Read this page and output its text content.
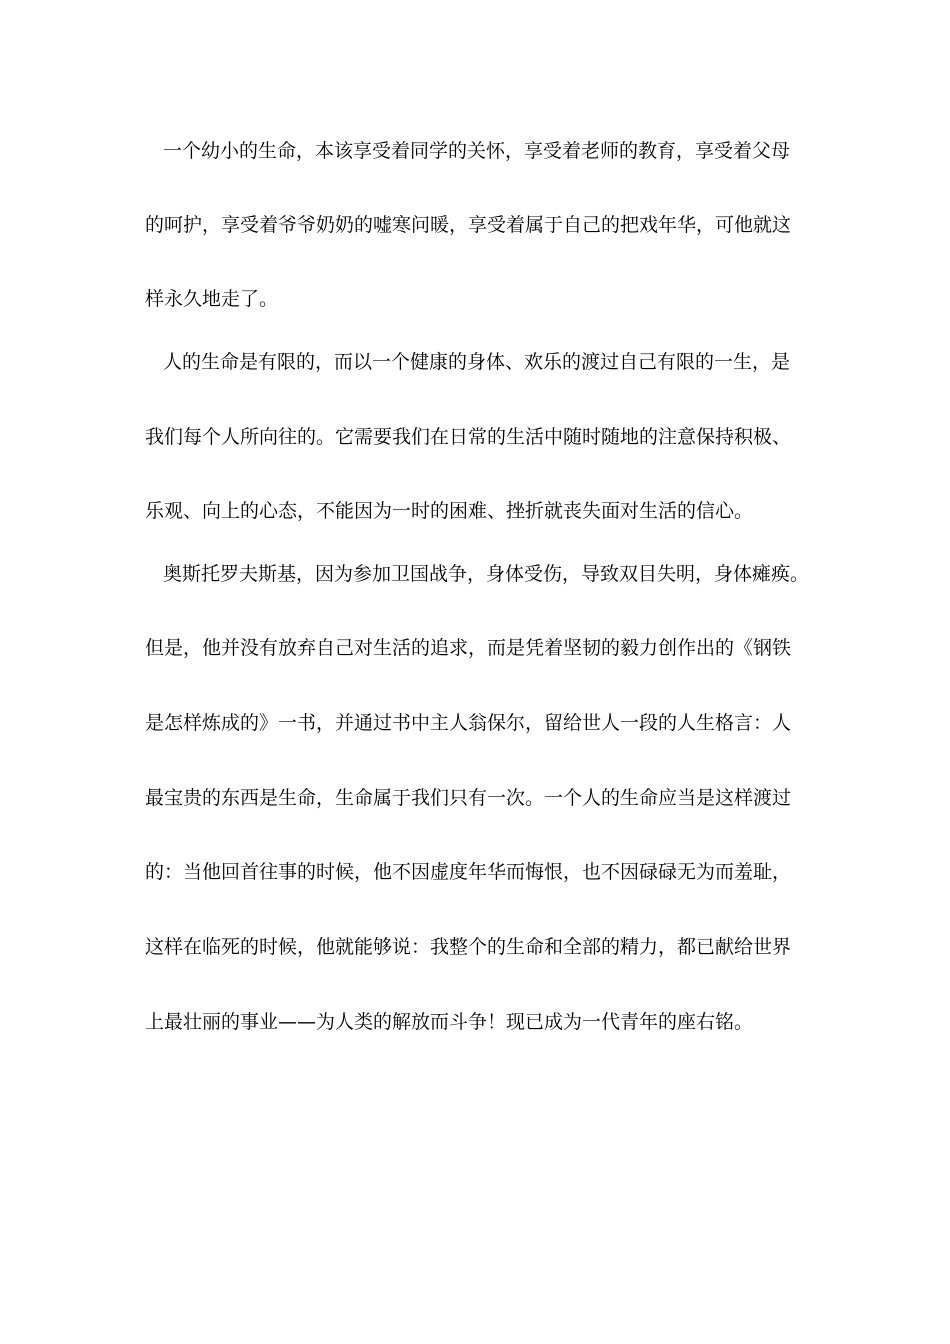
一个幼小的生命，本该享受着同学的关怀，享受着老师的教育，享受着父母
的呵护，享受着爷爷奶奶的嘘寒问暖，享受着属于自己的把戏年华，可他就这
样永久地走了。
人的生命是有限的，而以一个健康的身体、欢乐的渡过自己有限的一生，是
我们每个人所向往的。它需要我们在日常的生活中随时随地的注意保持积极、
乐观、向上的心态，不能因为一时的困难、挫折就丧失面对生活的信心。
奥斯托罗夫斯基，因为参加卫国战争，身体受伤，导致双目失明，身体瘫痪。
但是，他并没有放弃自己对生活的追求，而是凭着坚韧的毅力创作出的《钢铁
是怎样炼成的》一书，并通过书中主人翁保尔，留给世人一段的人生格言：人
最宝贵的东西是生命，生命属于我们只有一次。一个人的生命应当是这样渡过
的：当他回首往事的时候，他不因虚度年华而悔恨，也不因碌碌无为而羞耻，
这样在临死的时候，他就能够说：我整个的生命和全部的精力，都已献给世界
上最壮丽的事业——为人类的解放而斗争！现已成为一代青年的座右铭。
